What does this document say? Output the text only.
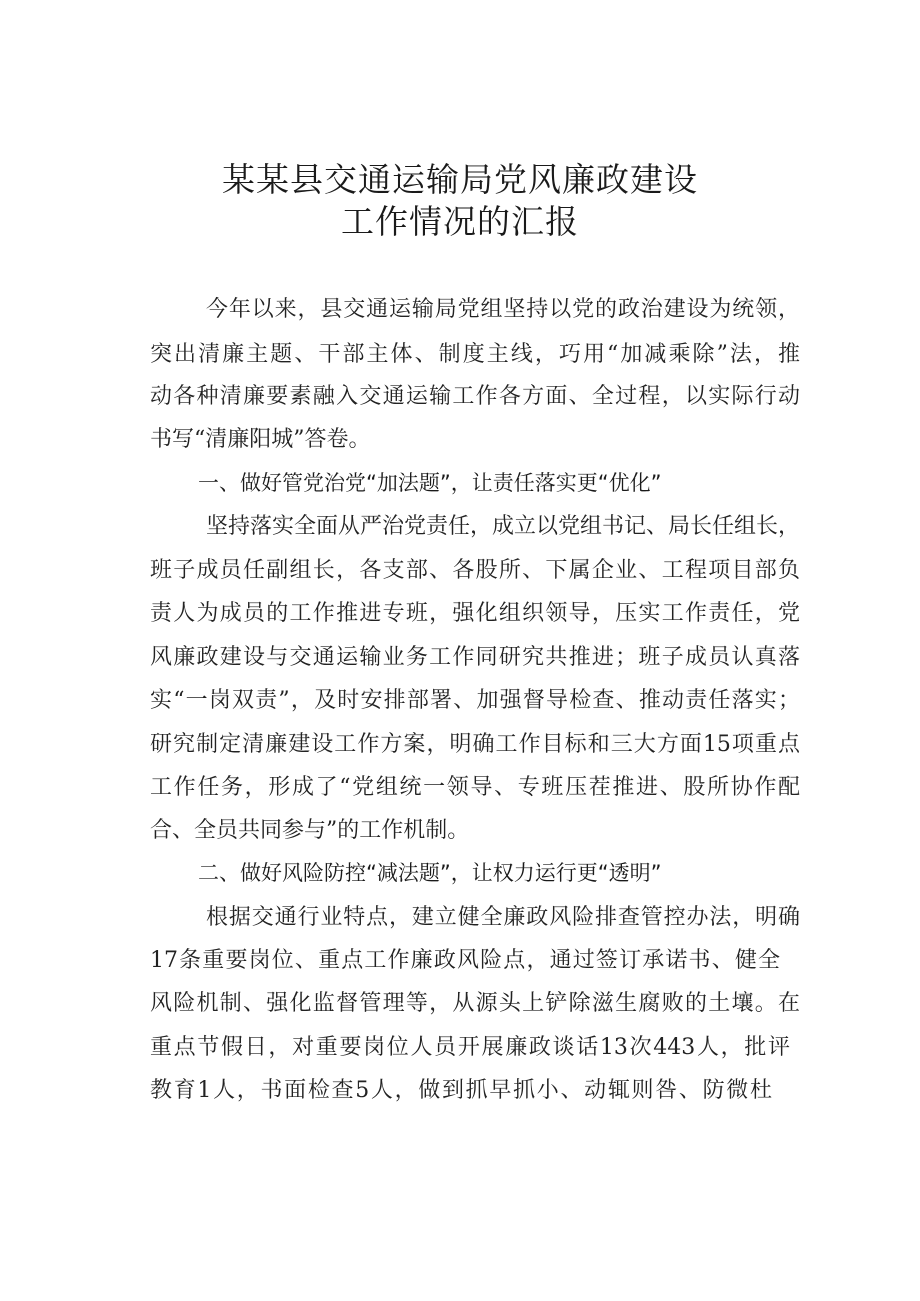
某某县交通运输局党风廉政建设
工作情况的汇报
今年以来，县交通运输局党组坚持以党的政治建设为统领，
突出清廉主题、干部主体、制度主线，巧用“加减乘除”法，推
动各种清廉要素融入交通运输工作各方面、全过程，以实际行动
书写“清廉阳城”答卷。
一、做好管党治党“加法题”，让责任落实更“优化”
坚持落实全面从严治党责任，成立以党组书记、局长任组长，
班子成员任副组长，各支部、各股所、下属企业、工程项目部负
责人为成员的工作推进专班，强化组织领导，压实工作责任，党
风廉政建设与交通运输业务工作同研究共推进；班子成员认真落
实“一岗双责”，及时安排部署、加强督导检查、推动责任落实；
研究制定清廉建设工作方案，明确工作目标和三大方面15项重点
工作任务，形成了“党组统一领导、专班压茬推进、股所协作配
合、全员共同参与”的工作机制。
二、做好风险防控“减法题”，让权力运行更“透明”
根据交通行业特点，建立健全廉政风险排查管控办法，明确
17条重要岗位、重点工作廉政风险点，通过签订承诺书、健全
风险机制、强化监督管理等，从源头上铲除滋生腐败的土壤。在
重点节假日，对重要岗位人员开展廉政谈话13次443人，批评
教育1人，书面检查5人，做到抓早抓小、动辄则咎、防微杜
